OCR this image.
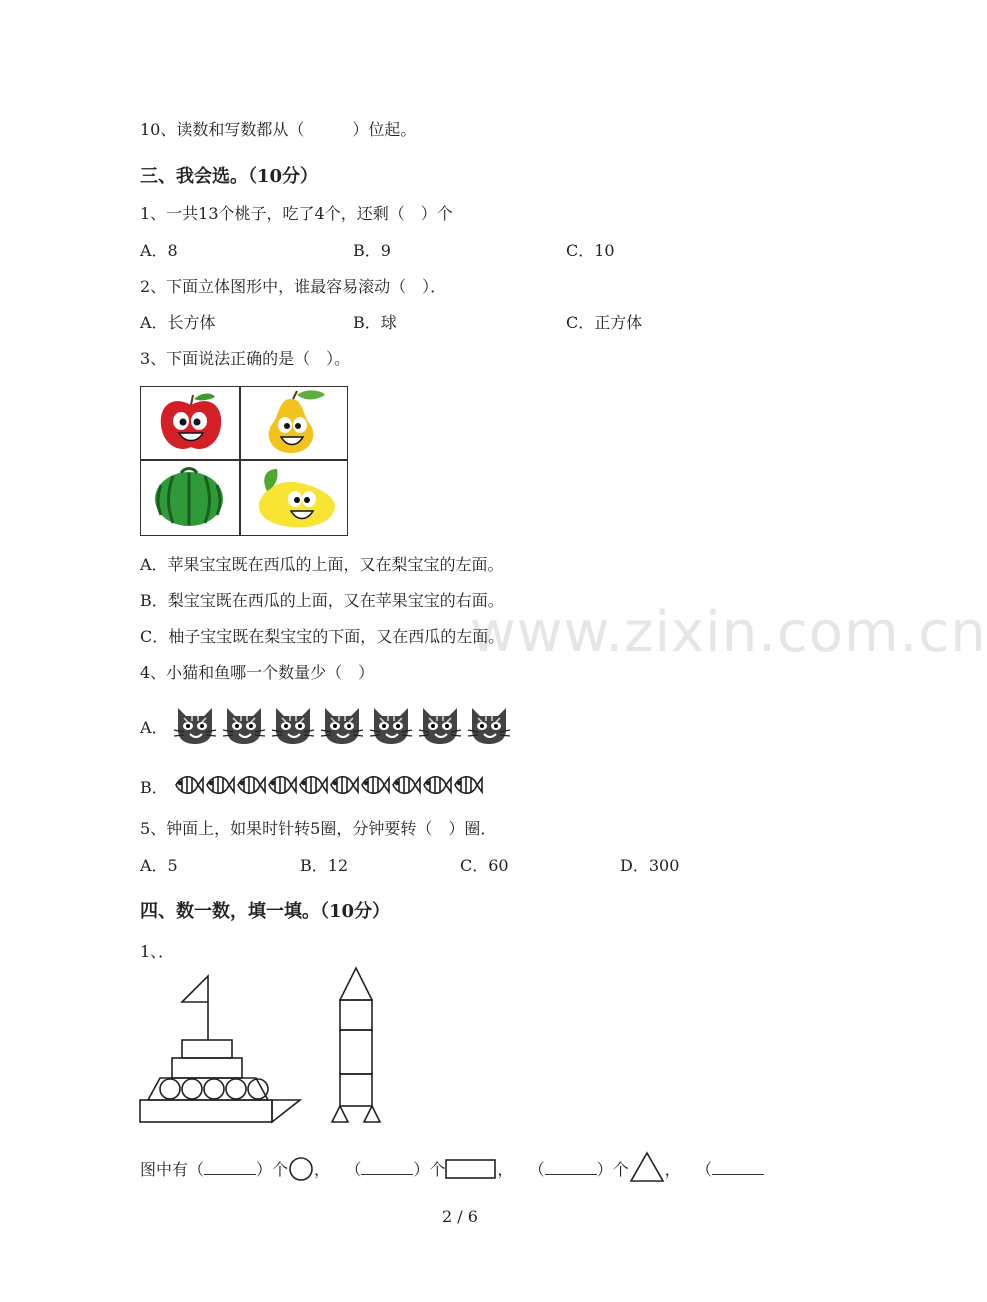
www.zixin.com.cn
10、读数和写数都从（　　　）位起。
三、我会选。（10分）
1、一共13个桃子，吃了4个，还剩（　）个
A．8	B．9	C．10
2、下面立体图形中，谁最容易滚动（　）．
A．长方体	B．球	C．正方体
3、下面说法正确的是（　）。
A．苹果宝宝既在西瓜的上面，又在梨宝宝的左面。
B．梨宝宝既在西瓜的上面，又在苹果宝宝的右面。
C．柚子宝宝既在梨宝宝的下面，又在西瓜的左面。
4、小猫和鱼哪一个数量少（　）
A．
B．
5、钟面上，如果时针转5圈，分钟要转（　）圈．
A．5	B．12	C．60	D．300
四、数一数，填一填。（10分）
1、．
图中有（	）个 ， （	）个	， （	）个 ， （
2 / 6
